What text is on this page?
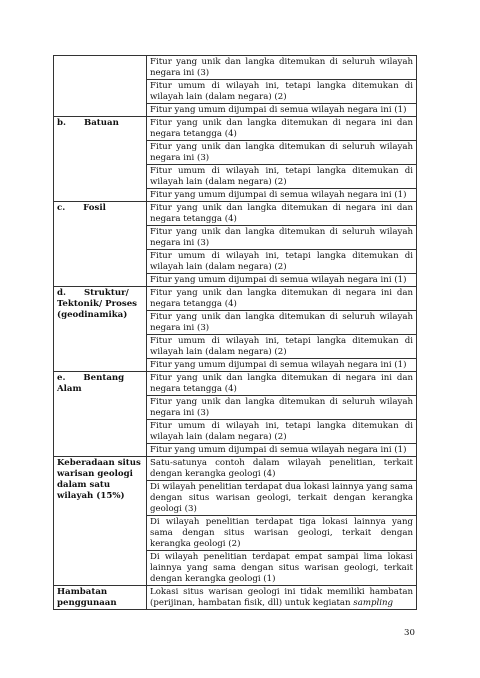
	Fitur yang unik dan langka ditemukan di seluruh wilayah negara ini (3)
	Fitur umum di wilayah ini, tetapi langka ditemukan di wilayah lain (dalam negara) (2)
	Fitur yang umum dijumpai di semua wilayah negara ini (1)
b.      Batuan	Fitur yang unik dan langka ditemukan di negara ini dan negara tetangga (4)
	Fitur yang unik dan langka ditemukan di seluruh wilayah negara ini (3)
	Fitur umum di wilayah ini, tetapi langka ditemukan di wilayah lain (dalam negara) (2)
	Fitur yang umum dijumpai di semua wilayah negara ini (1)
c.      Fosil	Fitur yang unik dan langka ditemukan di negara ini dan negara tetangga (4)
	Fitur yang unik dan langka ditemukan di seluruh wilayah negara ini (3)
	Fitur umum di wilayah ini, tetapi langka ditemukan di wilayah lain (dalam negara) (2)
	Fitur yang umum dijumpai di semua wilayah negara ini (1)
d.      Struktur/ Tektonik/ Proses (geodinamika)	Fitur yang unik dan langka ditemukan di negara ini dan negara tetangga (4)
	Fitur yang unik dan langka ditemukan di seluruh wilayah negara ini (3)
	Fitur umum di wilayah ini, tetapi langka ditemukan di wilayah lain (dalam negara) (2)
	Fitur yang umum dijumpai di semua wilayah negara ini (1)
e.      Bentang Alam	Fitur yang unik dan langka ditemukan di negara ini dan negara tetangga (4)
	Fitur yang unik dan langka ditemukan di seluruh wilayah negara ini (3)
	Fitur umum di wilayah ini, tetapi langka ditemukan di wilayah lain (dalam negara) (2)
	Fitur yang umum dijumpai di semua wilayah negara ini (1)
Keberadaan situs warisan geologi dalam satu wilayah (15%)	Satu-satunya contoh dalam wilayah penelitian, terkait dengan kerangka geologi (4)
	Di wilayah penelitian terdapat dua lokasi lainnya yang sama dengan situs warisan geologi, terkait dengan kerangka geologi (3)
	Di wilayah penelitian terdapat tiga lokasi lainnya yang sama dengan situs warisan geologi, terkait dengan kerangka geologi (2)
	Di wilayah penelitian terdapat empat sampai lima lokasi lainnya yang sama dengan situs warisan geologi, terkait dengan kerangka geologi (1)
Hambatan penggunaan	Lokasi situs warisan geologi ini tidak memiliki hambatan (perijinan, hambatan fisik, dll) untuk kegiatan sampling
30
